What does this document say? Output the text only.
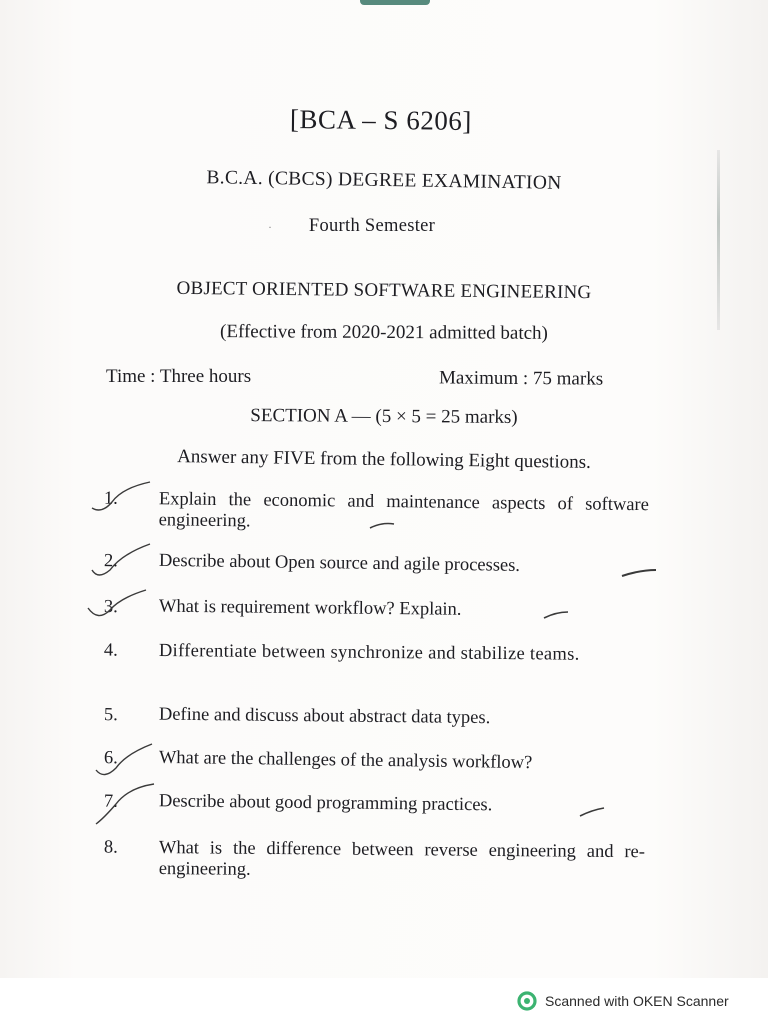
[BCA – S 6206]
B.C.A. (CBCS) DEGREE EXAMINATION
· Fourth Semester
OBJECT ORIENTED SOFTWARE ENGINEERING
(Effective from 2020-2021 admitted batch)
Time : Three hours	Maximum : 75 marks
SECTION A — (5 × 5 = 25 marks)
Answer any FIVE from the following Eight questions.
1. Explain the economic and maintenance aspects of software engineering.
2. Describe about Open source and agile processes.
3. What is requirement workflow? Explain.
4. Differentiate between synchronize and stabilize teams.
5. Define and discuss about abstract data types.
6. What are the challenges of the analysis workflow?
7. Describe about good programming practices.
8. What is the difference between reverse engineering and re-engineering.
Scanned with OKEN Scanner
